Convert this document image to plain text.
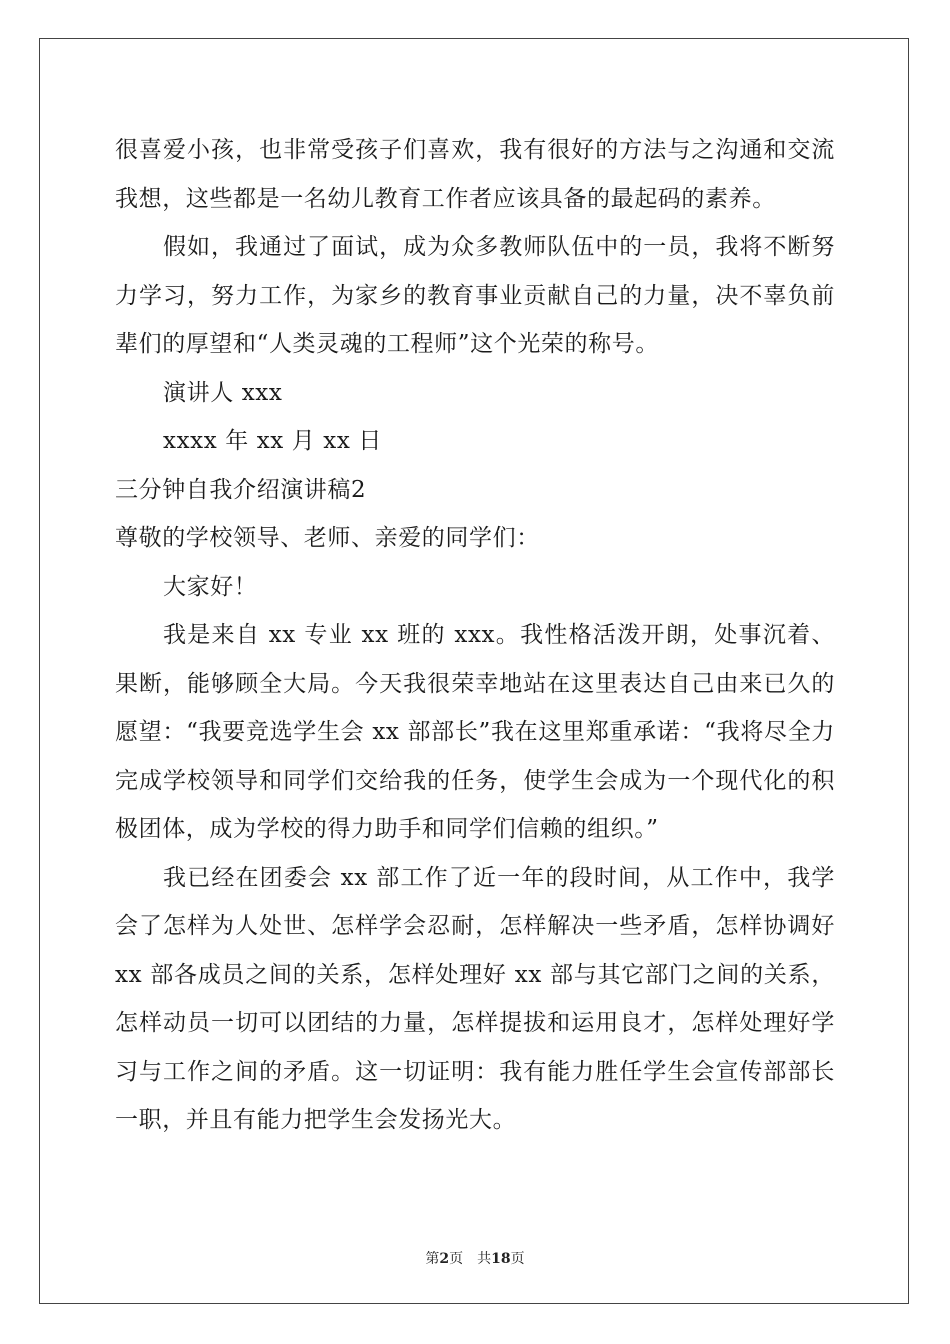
很喜爱小孩，也非常受孩子们喜欢，我有很好的方法与之沟通和交流我想，这些都是一名幼儿教育工作者应该具备的最起码的素养。

假如，我通过了面试，成为众多教师队伍中的一员，我将不断努力学习，努力工作，为家乡的教育事业贡献自己的力量，决不辜负前辈们的厚望和“人类灵魂的工程师”这个光荣的称号。

演讲人 xxx

xxxx 年 xx 月 xx 日

三分钟自我介绍演讲稿2

尊敬的学校领导、老师、亲爱的同学们：

大家好！

我是来自 xx 专业 xx 班的 xxx。我性格活泼开朗，处事沉着、果断，能够顾全大局。今天我很荣幸地站在这里表达自己由来已久的愿望：“我要竞选学生会 xx 部部长”我在这里郑重承诺：“我将尽全力完成学校领导和同学们交给我的任务，使学生会成为一个现代化的积极团体，成为学校的得力助手和同学们信赖的组织。”

我已经在团委会 xx 部工作了近一年的段时间，从工作中，我学会了怎样为人处世、怎样学会忍耐，怎样解决一些矛盾，怎样协调好 xx 部各成员之间的关系，怎样处理好 xx 部与其它部门之间的关系，怎样动员一切可以团结的力量，怎样提拔和运用良才，怎样处理好学习与工作之间的矛盾。这一切证明：我有能力胜任学生会宣传部部长一职，并且有能力把学生会发扬光大。

第2页 共18页
